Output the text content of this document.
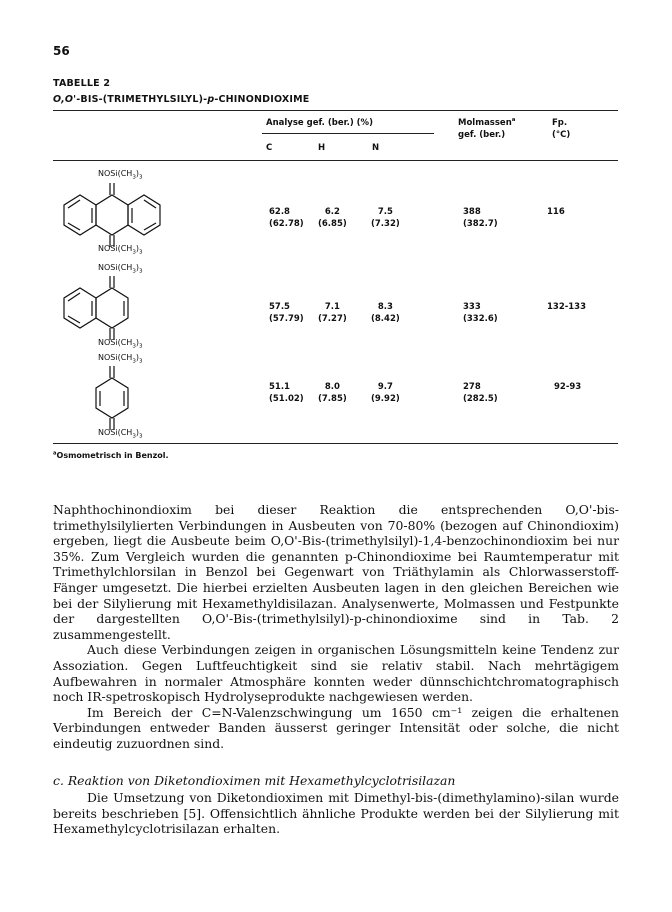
56
TABELLE 2
O,O'-BIS-(TRIMETHYLSILYL)-p-CHINONDIOXIME
Analyse gef. (ber.) (%)
C	H	N
Molmassen$^a$
gef. (ber.)
Fp.
(°C)
$NOSi(CH_3)_3$
$NOSi(CH_3)_3$
$NOSi(CH_3)_3$
$NOSi(CH_3)_3$
$NOSi(CH_3)_3$
$NOSi(CH_3)_3$
62.8
(62.78)
6.2
(6.85)
7.5
(7.32)
388
(382.7)
116
57.5
(57.79)
7.1
(7.27)
8.3
(8.42)
333
(332.6)
132-133
51.1
(51.02)
8.0
(7.85)
9.7
(9.92)
278
(282.5)
92-93
$^a$Osmometrisch in Benzol.

Naphthochinondioxim bei dieser Reaktion die entsprechenden O,O'-bis-trimethylsilylierten Verbindungen in Ausbeuten von 70-80% (bezogen auf Chinondioxim) ergeben, liegt die Ausbeute beim O,O'-Bis-(trimethylsilyl)-1,4-benzochinondioxim bei nur 35%. Zum Vergleich wurden die genannten p-Chinondioxime bei Raumtemperatur mit Trimethylchlorsilan in Benzol bei Gegenwart von Triäthylamin als Chlorwasserstoff-Fänger umgesetzt. Die hierbei erzielten Ausbeuten lagen in den gleichen Bereichen wie bei der Silylierung mit Hexamethyldisilazan. Analysenwerte, Molmassen und Festpunkte der dargestellten O,O'-Bis-(trimethylsilyl)-p-chinondioxime sind in Tab. 2 zusammengestellt.

Auch diese Verbindungen zeigen in organischen Lösungsmitteln keine Tendenz zur Assoziation. Gegen Luftfeuchtigkeit sind sie relativ stabil. Nach mehrtägigem Aufbewahren in normaler Atmosphäre konnten weder dünnschichtchromatographisch noch IR-spetroskopisch Hydrolyseprodukte nachgewiesen werden.

Im Bereich der C=N-Valenzschwingung um 1650 cm⁻¹ zeigen die erhaltenen Verbindungen entweder Banden äusserst geringer Intensität oder solche, die nicht eindeutig zuzuordnen sind.

c. Reaktion von Diketondioximen mit Hexamethylcyclotrisilazan

Die Umsetzung von Diketondioximen mit Dimethyl-bis-(dimethylamino)-silan wurde bereits beschrieben [5]. Offensichtlich ähnliche Produkte werden bei der Silylierung mit Hexamethylcyclotrisilazan erhalten.
